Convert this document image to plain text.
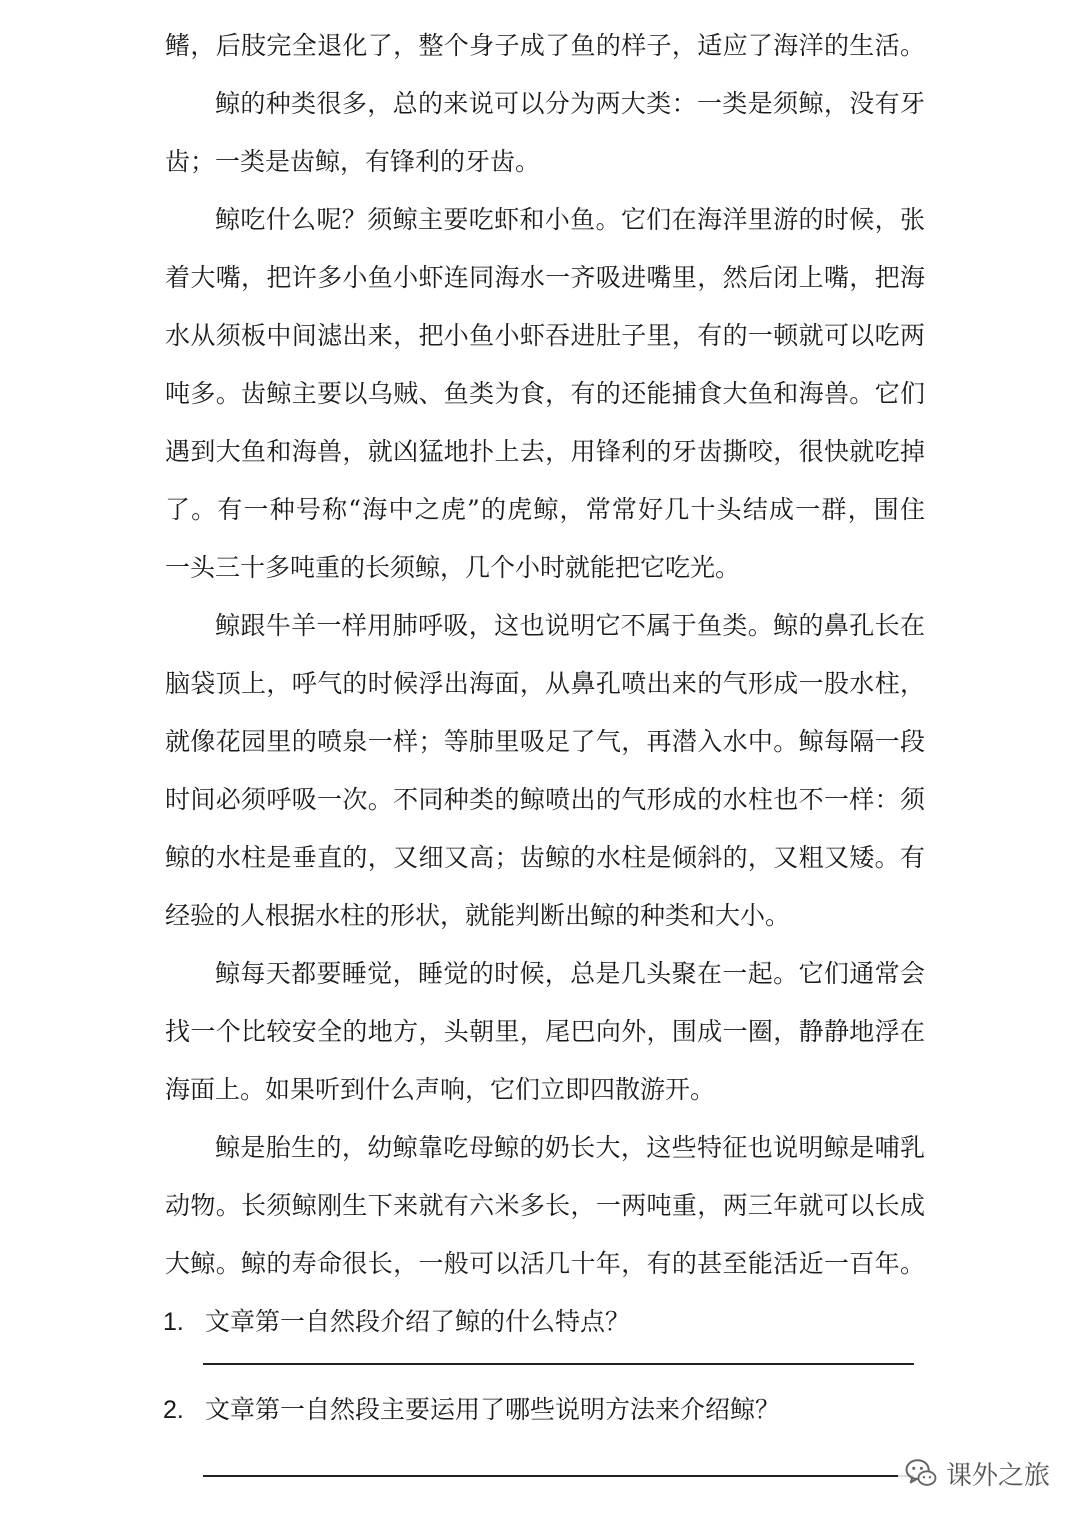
鳍，后肢完全退化了，整个身子成了鱼的样子，适应了海洋的生活。
鲸的种类很多，总的来说可以分为两大类：一类是须鲸，没有牙
齿；一类是齿鲸，有锋利的牙齿。
鲸吃什么呢？须鲸主要吃虾和小鱼。它们在海洋里游的时候，张
着大嘴，把许多小鱼小虾连同海水一齐吸进嘴里，然后闭上嘴，把海
水从须板中间滤出来，把小鱼小虾吞进肚子里，有的一顿就可以吃两
吨多。齿鲸主要以乌贼、鱼类为食，有的还能捕食大鱼和海兽。它们
遇到大鱼和海兽，就凶猛地扑上去，用锋利的牙齿撕咬，很快就吃掉
了。有一种号称“海中之虎”的虎鲸，常常好几十头结成一群，围住
一头三十多吨重的长须鲸，几个小时就能把它吃光。
鲸跟牛羊一样用肺呼吸，这也说明它不属于鱼类。鲸的鼻孔长在
脑袋顶上，呼气的时候浮出海面，从鼻孔喷出来的气形成一股水柱，
就像花园里的喷泉一样；等肺里吸足了气，再潜入水中。鲸每隔一段
时间必须呼吸一次。不同种类的鲸喷出的气形成的水柱也不一样：须
鲸的水柱是垂直的，又细又高；齿鲸的水柱是倾斜的，又粗又矮。有
经验的人根据水柱的形状，就能判断出鲸的种类和大小。
鲸每天都要睡觉，睡觉的时候，总是几头聚在一起。它们通常会
找一个比较安全的地方，头朝里，尾巴向外，围成一圈，静静地浮在
海面上。如果听到什么声响，它们立即四散游开。
鲸是胎生的，幼鲸靠吃母鲸的奶长大，这些特征也说明鲸是哺乳
动物。长须鲸刚生下来就有六米多长，一两吨重，两三年就可以长成
大鲸。鲸的寿命很长，一般可以活几十年，有的甚至能活近一百年。
1. 文章第一自然段介绍了鲸的什么特点？
2. 文章第一自然段主要运用了哪些说明方法来介绍鲸？
课外之旅
